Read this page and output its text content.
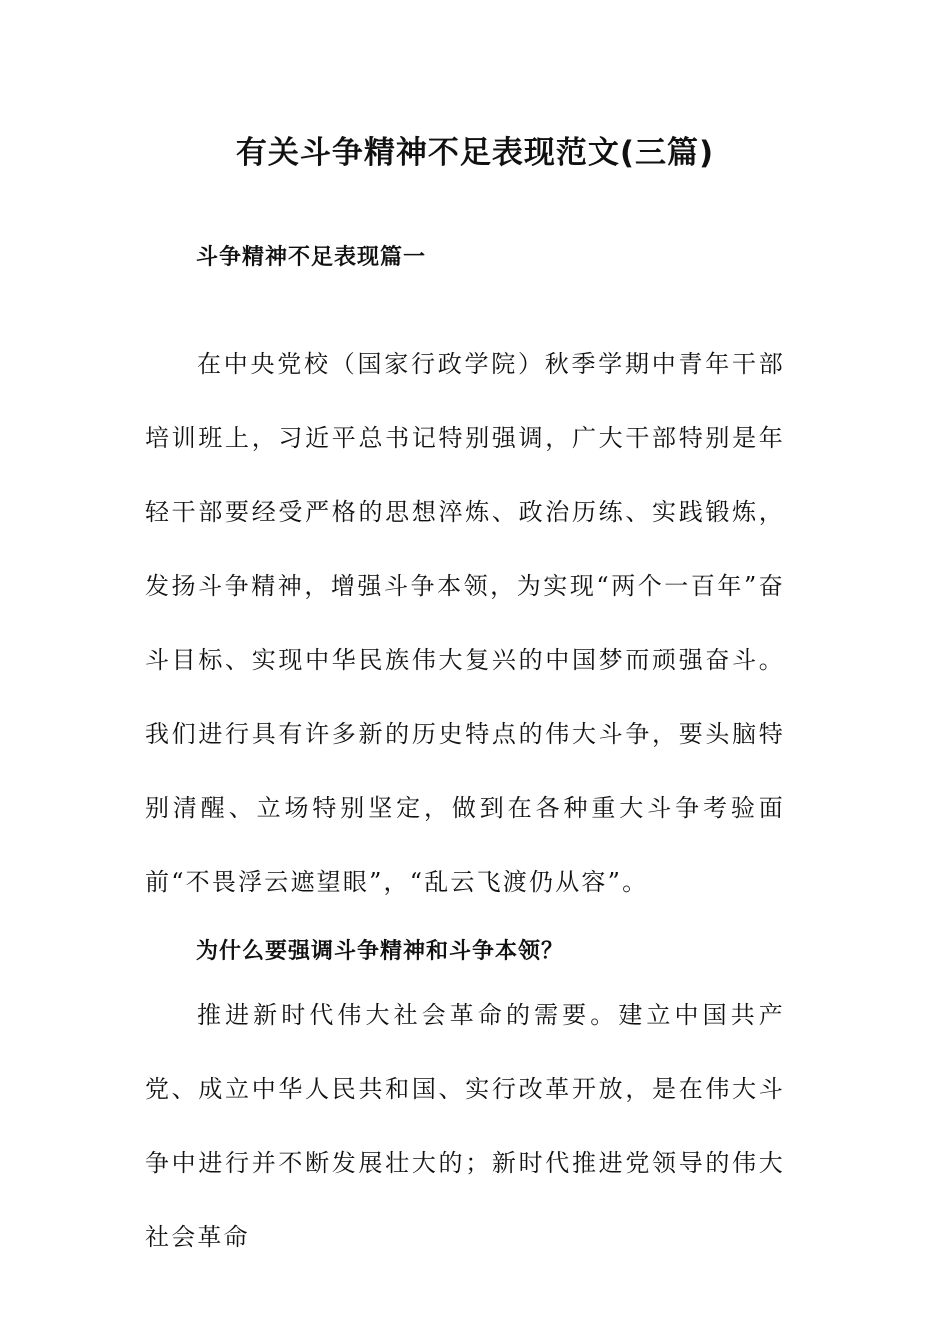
有关斗争精神不足表现范文(三篇)
斗争精神不足表现篇一
在中央党校（国家行政学院）秋季学期中青年干部培训班上，习近平总书记特别强调，广大干部特别是年轻干部要经受严格的思想淬炼、政治历练、实践锻炼，发扬斗争精神，增强斗争本领，为实现“两个一百年”奋斗目标、实现中华民族伟大复兴的中国梦而顽强奋斗。我们进行具有许多新的历史特点的伟大斗争，要头脑特别清醒、立场特别坚定，做到在各种重大斗争考验面前“不畏浮云遮望眼”，“乱云飞渡仍从容”。
为什么要强调斗争精神和斗争本领？
推进新时代伟大社会革命的需要。建立中国共产党、成立中华人民共和国、实行改革开放，是在伟大斗争中进行并不断发展壮大的；新时代推进党领导的伟大社会革命
